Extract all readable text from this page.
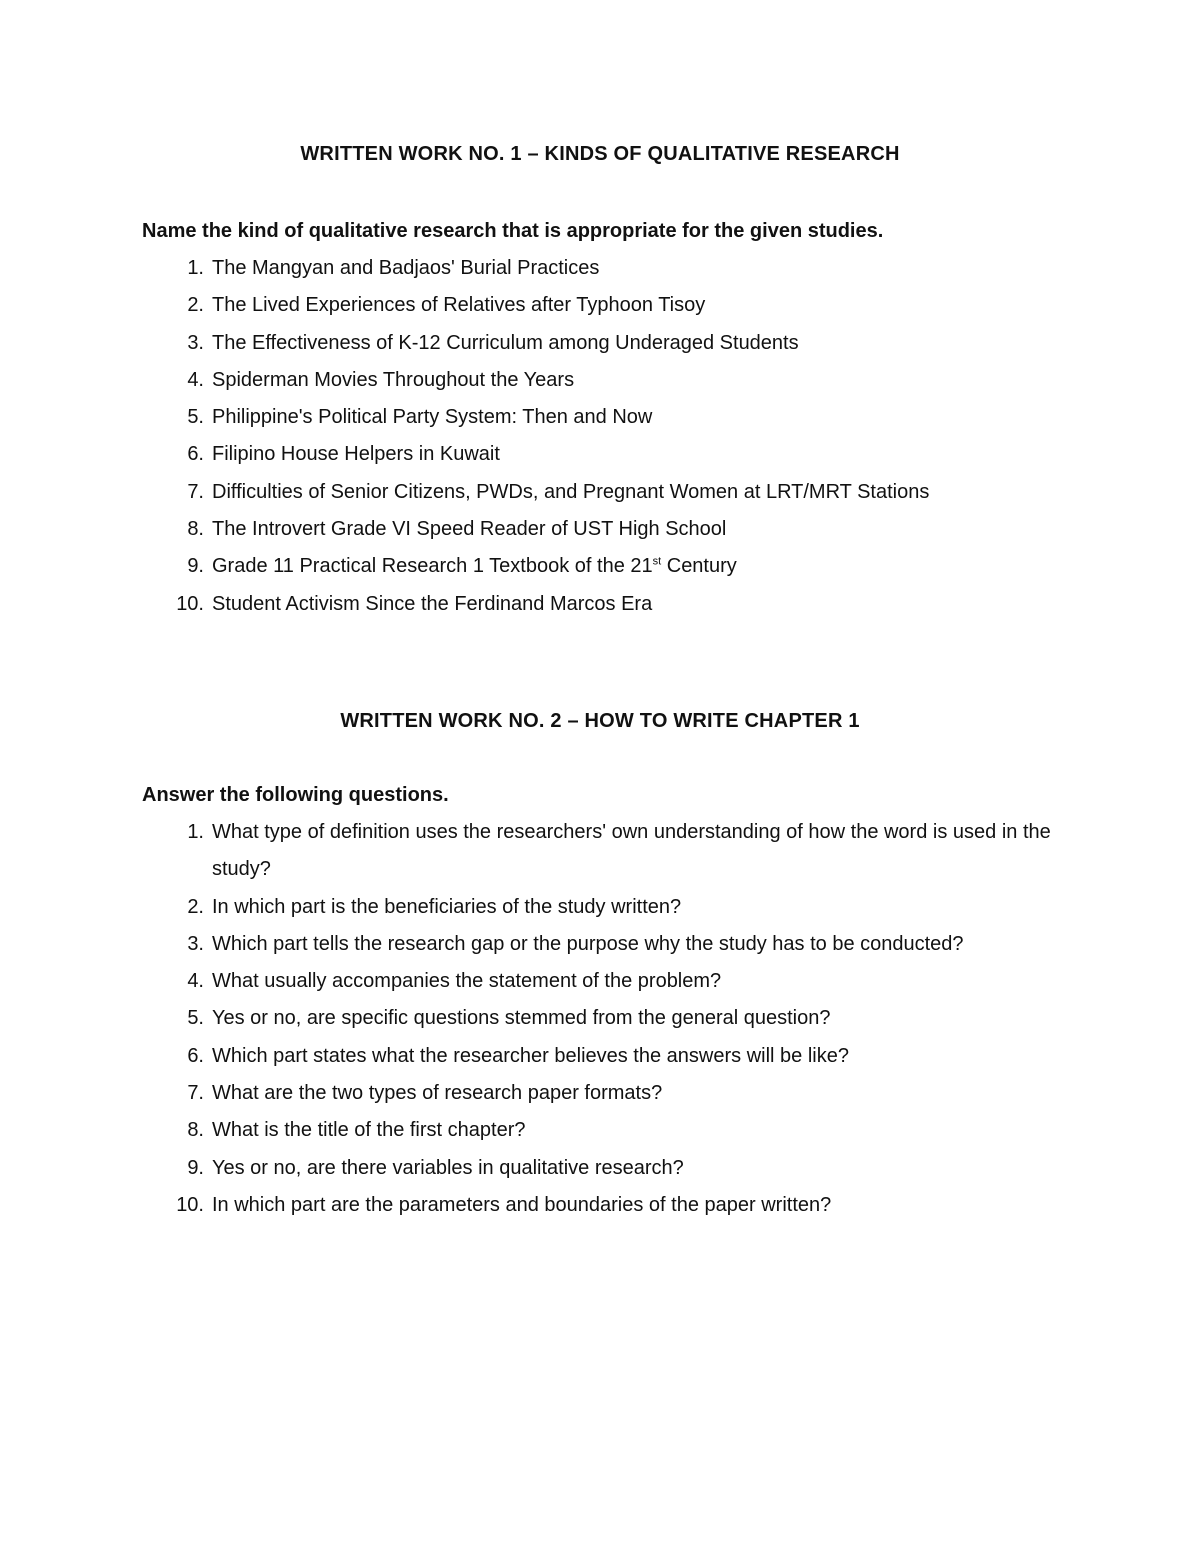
WRITTEN WORK NO. 1 – KINDS OF QUALITATIVE RESEARCH

Name the kind of qualitative research that is appropriate for the given studies.

1. The Mangyan and Badjaos' Burial Practices
2. The Lived Experiences of Relatives after Typhoon Tisoy
3. The Effectiveness of K-12 Curriculum among Underaged Students
4. Spiderman Movies Throughout the Years
5. Philippine's Political Party System: Then and Now
6. Filipino House Helpers in Kuwait
7. Difficulties of Senior Citizens, PWDs, and Pregnant Women at LRT/MRT Stations
8. The Introvert Grade VI Speed Reader of UST High School
9. Grade 11 Practical Research 1 Textbook of the 21st Century
10. Student Activism Since the Ferdinand Marcos Era
WRITTEN WORK NO. 2 – HOW TO WRITE CHAPTER 1

Answer the following questions.

1. What type of definition uses the researchers' own understanding of how the word is used in the study?
2. In which part is the beneficiaries of the study written?
3. Which part tells the research gap or the purpose why the study has to be conducted?
4. What usually accompanies the statement of the problem?
5. Yes or no, are specific questions stemmed from the general question?
6. Which part states what the researcher believes the answers will be like?
7. What are the two types of research paper formats?
8. What is the title of the first chapter?
9. Yes or no, are there variables in qualitative research?
10. In which part are the parameters and boundaries of the paper written?
